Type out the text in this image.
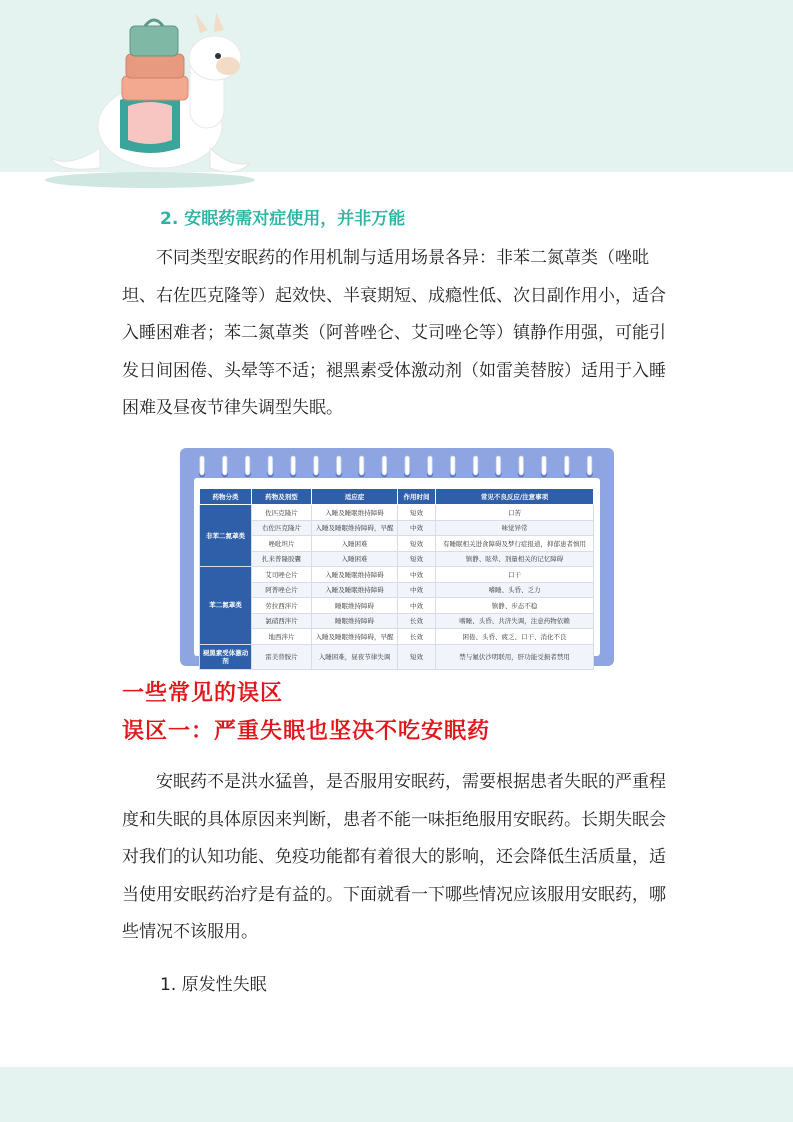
2. 安眠药需对症使用，并非万能

不同类型安眠药的作用机制与适用场景各异：非苯二氮䓬类（唑吡坦、右佐匹克隆等）起效快、半衰期短、成瘾性低、次日副作用小，适合入睡困难者；苯二氮䓬类（阿普唑仑、艾司唑仑等）镇静作用强，可能引发日间困倦、头晕等不适；褪黑素受体激动剂（如雷美替胺）适用于入睡困难及昼夜节律失调型失眠。

药物分类	药物及剂型	适应症	作用时间	常见不良反应/注意事项
非苯二氮䓬类	佐匹克隆片	入睡及睡眠维持障碍	短效	口苦
	右佐匹克隆片	入睡及睡眠维持障碍，早醒	中效	味觉异常
	唑吡坦片	入睡困难	短效	有睡眠相关进食障碍及梦行症报道，抑郁患者慎用
	扎来普隆胶囊	入睡困难	短效	镇静、眩晕、剂量相关的记忆障碍
苯二氮䓬类	艾司唑仑片	入睡及睡眠维持障碍	中效	口干
	阿普唑仑片	入睡及睡眠维持障碍	中效	嗜睡、头昏、乏力
	劳拉西泮片	睡眠维持障碍	中效	镇静、步态不稳
	氯硝西泮片	睡眠维持障碍	长效	嗜睡、头昏、共济失调，注意药物依赖
	地西泮片	入睡及睡眠维持障碍，早醒	长效	困倦、头昏、疲乏、口干、消化不良
褪黑素受体激动剂	雷美替胺片	入睡困难，昼夜节律失调	短效	禁与氟伏沙明联用，肝功能受损者禁用
一些常见的误区
误区一：严重失眠也坚决不吃安眠药

安眠药不是洪水猛兽，是否服用安眠药，需要根据患者失眠的严重程度和失眠的具体原因来判断，患者不能一味拒绝服用安眠药。长期失眠会对我们的认知功能、免疫功能都有着很大的影响，还会降低生活质量，适当使用安眠药治疗是有益的。下面就看一下哪些情况应该服用安眠药，哪些情况不该服用。

1. 原发性失眠
